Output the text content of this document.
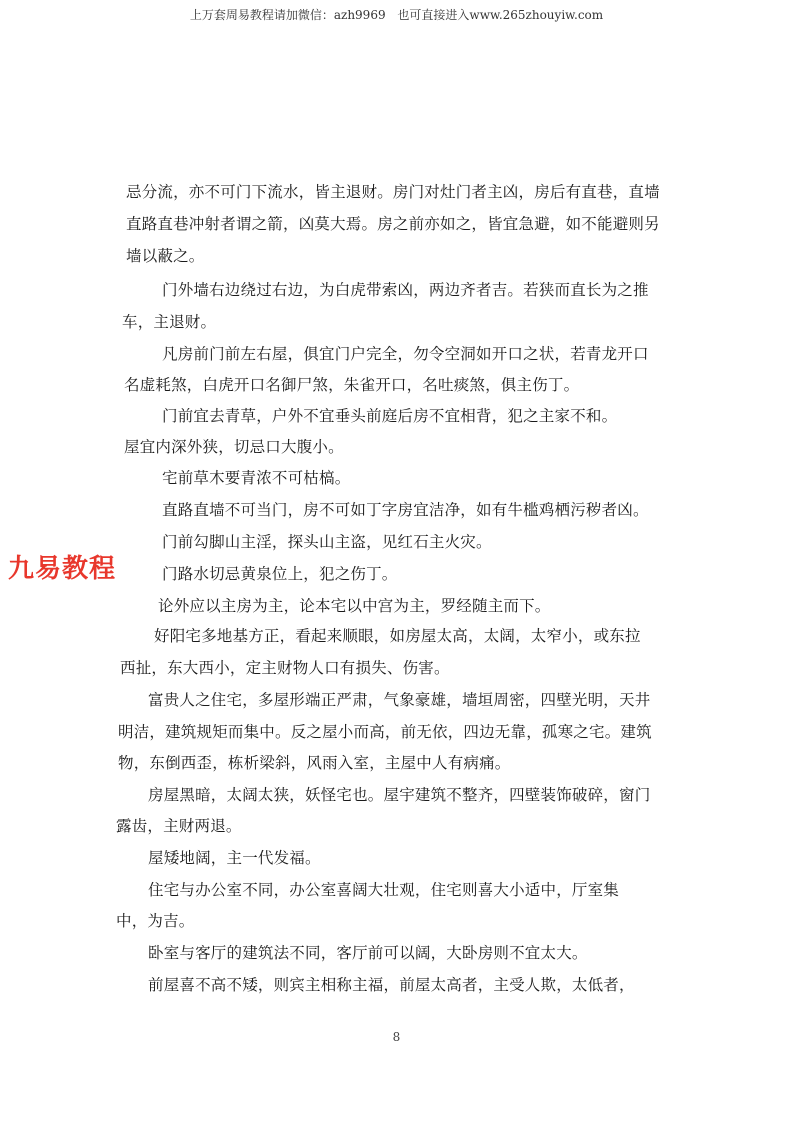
上万套周易教程请加微信：azh9969 也可直接进入www.265zhouyiw.com
忌分流，亦不可门下流水，皆主退财。房门对灶门者主凶，房后有直巷，直墙
直路直巷冲射者谓之箭，凶莫大焉。房之前亦如之，皆宜急避，如不能避则另
墙以蔽之。
门外墙右边绕过右边，为白虎带索凶，两边齐者吉。若狭而直长为之推
车，主退财。
凡房前门前左右屋，俱宜门户完全，勿令空洞如开口之状，若青龙开口
名虚耗煞，白虎开口名御尸煞，朱雀开口，名吐痰煞，俱主伤丁。
门前宜去青草，户外不宜垂头前庭后房不宜相背，犯之主家不和。
屋宜内深外狭，切忌口大腹小。
宅前草木要青浓不可枯槁。
直路直墙不可当门，房不可如丁字房宜洁净，如有牛槛鸡栖污秽者凶。
门前勾脚山主淫，探头山主盗，见红石主火灾。
门路水切忌黄泉位上，犯之伤丁。
论外应以主房为主，论本宅以中宫为主，罗经随主而下。
好阳宅多地基方正，看起来顺眼，如房屋太高，太阔，太窄小，或东拉
西扯，东大西小，定主财物人口有损失、伤害。
富贵人之住宅，多屋形端正严肃，气象豪雄，墙垣周密，四壁光明，天井
明洁，建筑规矩而集中。反之屋小而高，前无依，四边无靠，孤寒之宅。建筑
物，东倒西歪，栋析梁斜，风雨入室，主屋中人有病痛。
房屋黑暗，太阔太狭，妖怪宅也。屋宇建筑不整齐，四壁装饰破碎，窗门
露齿，主财两退。
屋矮地阔，主一代发福。
住宅与办公室不同，办公室喜阔大壮观，住宅则喜大小适中，厅室集
中，为吉。
卧室与客厅的建筑法不同，客厅前可以阔，大卧房则不宜太大。
前屋喜不高不矮，则宾主相称主福，前屋太高者，主受人欺，太低者，
九易教程
8
